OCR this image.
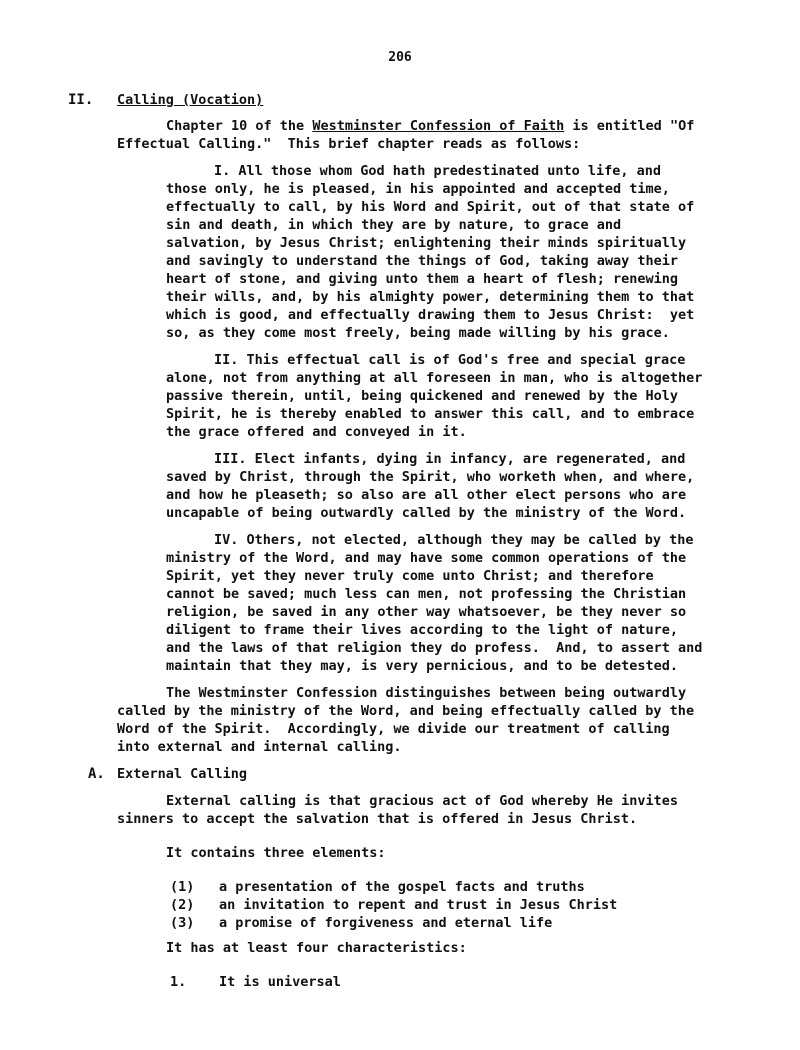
206
II. Calling (Vocation)
Chapter 10 of the Westminster Confession of Faith is entitled "Of
Effectual Calling."  This brief chapter reads as follows:
I. All those whom God hath predestinated unto life, and
those only, he is pleased, in his appointed and accepted time,
effectually to call, by his Word and Spirit, out of that state of
sin and death, in which they are by nature, to grace and
salvation, by Jesus Christ; enlightening their minds spiritually
and savingly to understand the things of God, taking away their
heart of stone, and giving unto them a heart of flesh; renewing
their wills, and, by his almighty power, determining them to that
which is good, and effectually drawing them to Jesus Christ:  yet
so, as they come most freely, being made willing by his grace.
II. This effectual call is of God's free and special grace
alone, not from anything at all foreseen in man, who is altogether
passive therein, until, being quickened and renewed by the Holy
Spirit, he is thereby enabled to answer this call, and to embrace
the grace offered and conveyed in it.
III. Elect infants, dying in infancy, are regenerated, and
saved by Christ, through the Spirit, who worketh when, and where,
and how he pleaseth; so also are all other elect persons who are
uncapable of being outwardly called by the ministry of the Word.
IV. Others, not elected, although they may be called by the
ministry of the Word, and may have some common operations of the
Spirit, yet they never truly come unto Christ; and therefore
cannot be saved; much less can men, not professing the Christian
religion, be saved in any other way whatsoever, be they never so
diligent to frame their lives according to the light of nature,
and the laws of that religion they do profess.  And, to assert and
maintain that they may, is very pernicious, and to be detested.
The Westminster Confession distinguishes between being outwardly
called by the ministry of the Word, and being effectually called by the
Word of the Spirit.  Accordingly, we divide our treatment of calling
into external and internal calling.
A. External Calling
External calling is that gracious act of God whereby He invites
sinners to accept the salvation that is offered in Jesus Christ.
It contains three elements:
(1) a presentation of the gospel facts and truths
(2) an invitation to repent and trust in Jesus Christ
(3) a promise of forgiveness and eternal life
It has at least four characteristics:
1. It is universal
